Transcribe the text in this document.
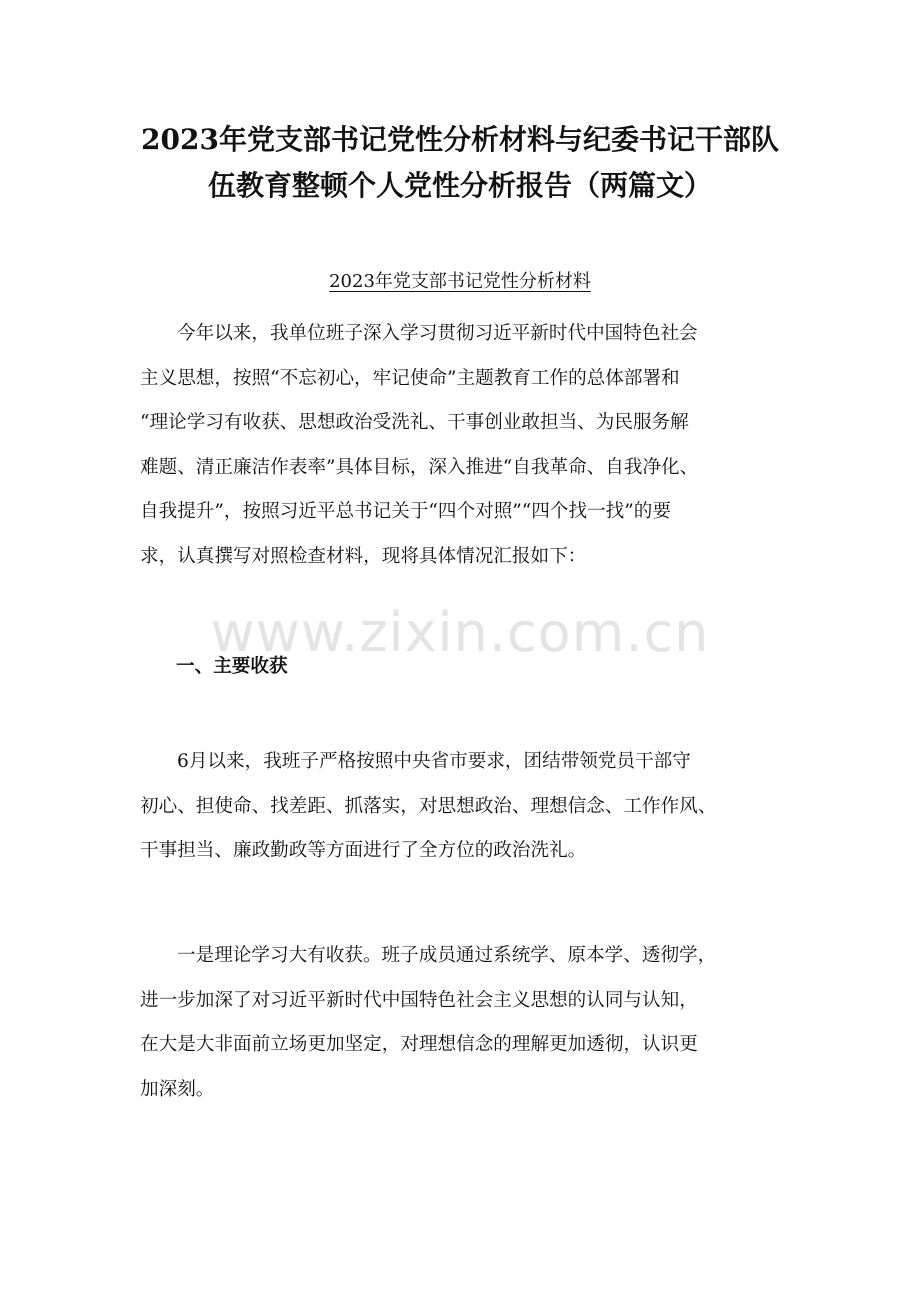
2023年党支部书记党性分析材料与纪委书记干部队
伍教育整顿个人党性分析报告（两篇文）
2023年党支部书记党性分析材料

今年以来，我单位班子深入学习贯彻习近平新时代中国特色社会
主义思想，按照“不忘初心，牢记使命”主题教育工作的总体部署和
“理论学习有收获、思想政治受洗礼、干事创业敢担当、为民服务解
难题、清正廉洁作表率”具体目标，深入推进“自我革命、自我净化、
自我提升”，按照习近平总书记关于“四个对照”“四个找一找”的要
求，认真撰写对照检查材料，现将具体情况汇报如下：

www.zixin.com.cn
一、主要收获

6月以来，我班子严格按照中央省市要求，团结带领党员干部守
初心、担使命、找差距、抓落实，对思想政治、理想信念、工作作风、
干事担当、廉政勤政等方面进行了全方位的政治洗礼。

一是理论学习大有收获。班子成员通过系统学、原本学、透彻学，
进一步加深了对习近平新时代中国特色社会主义思想的认同与认知，
在大是大非面前立场更加坚定，对理想信念的理解更加透彻，认识更
加深刻。
